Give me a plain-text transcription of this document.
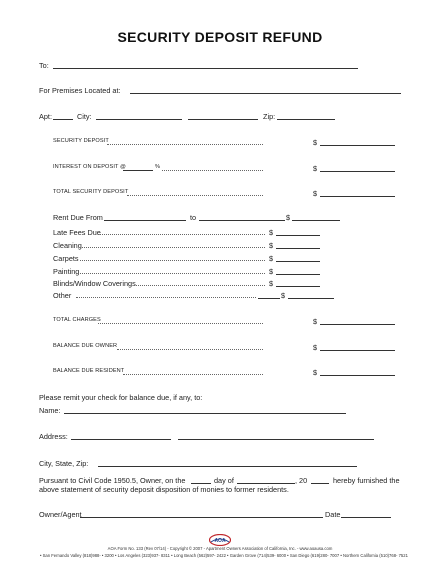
SECURITY DEPOSIT REFUND
To:
For Premises Located at:
Apt:	City:	Zip:
SECURITY DEPOSIT	$
INTEREST ON DEPOSIT @	%	$
TOTAL SECURITY DEPOSIT	$
Rent Due From	to	$
Late Fees Due	$
Cleaning	$
Carpets	$
Painting	$
Blinds/Window Coverings	$
Other	$
TOTAL CHARGES	$
BALANCE DUE OWNER	$
BALANCE DUE RESIDENT	$
Please remit your check for balance due, if any, to:
Name:
Address:
City, State, Zip:
Pursuant to Civil Code 1950.5, Owner, on the	day of	, 20	hereby furnished the
above statement of security deposit disposition of monies to former residents.
Owner/Agent	Date
AOA
AOA Form No. 133 (Rev 07/14) - Copyright © 2007 - Apartment Owners Association of California, Inc. - www.aoausa.com
• San Fernando Valley (818)988- • 3200 • Los Angeles (323)937- 8311 • Long Beach (562)597- 2422 • Garden Grove (714)539- 6000 • San Diego (619)280- 7007 • Northern California (510)768- 7521
